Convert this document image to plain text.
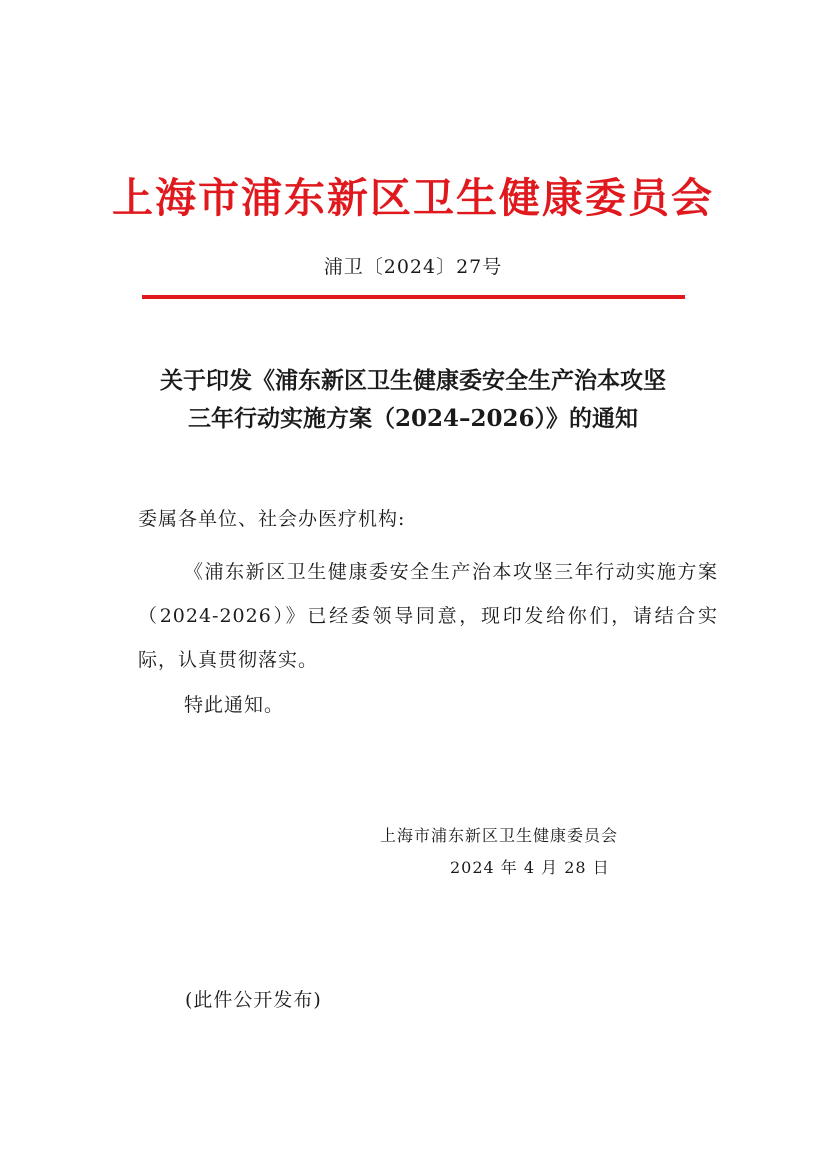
上海市浦东新区卫生健康委员会
浦卫〔2024〕27号
关于印发《浦东新区卫生健康委安全生产治本攻坚
三年行动实施方案（2024–2026）》的通知
委属各单位、社会办医疗机构:
《浦东新区卫生健康委安全生产治本攻坚三年行动实施方案（2024-2026）》已经委领导同意，现印发给你们，请结合实际，认真贯彻落实。
特此通知。
上海市浦东新区卫生健康委员会
2024 年 4 月 28 日
(此件公开发布)
